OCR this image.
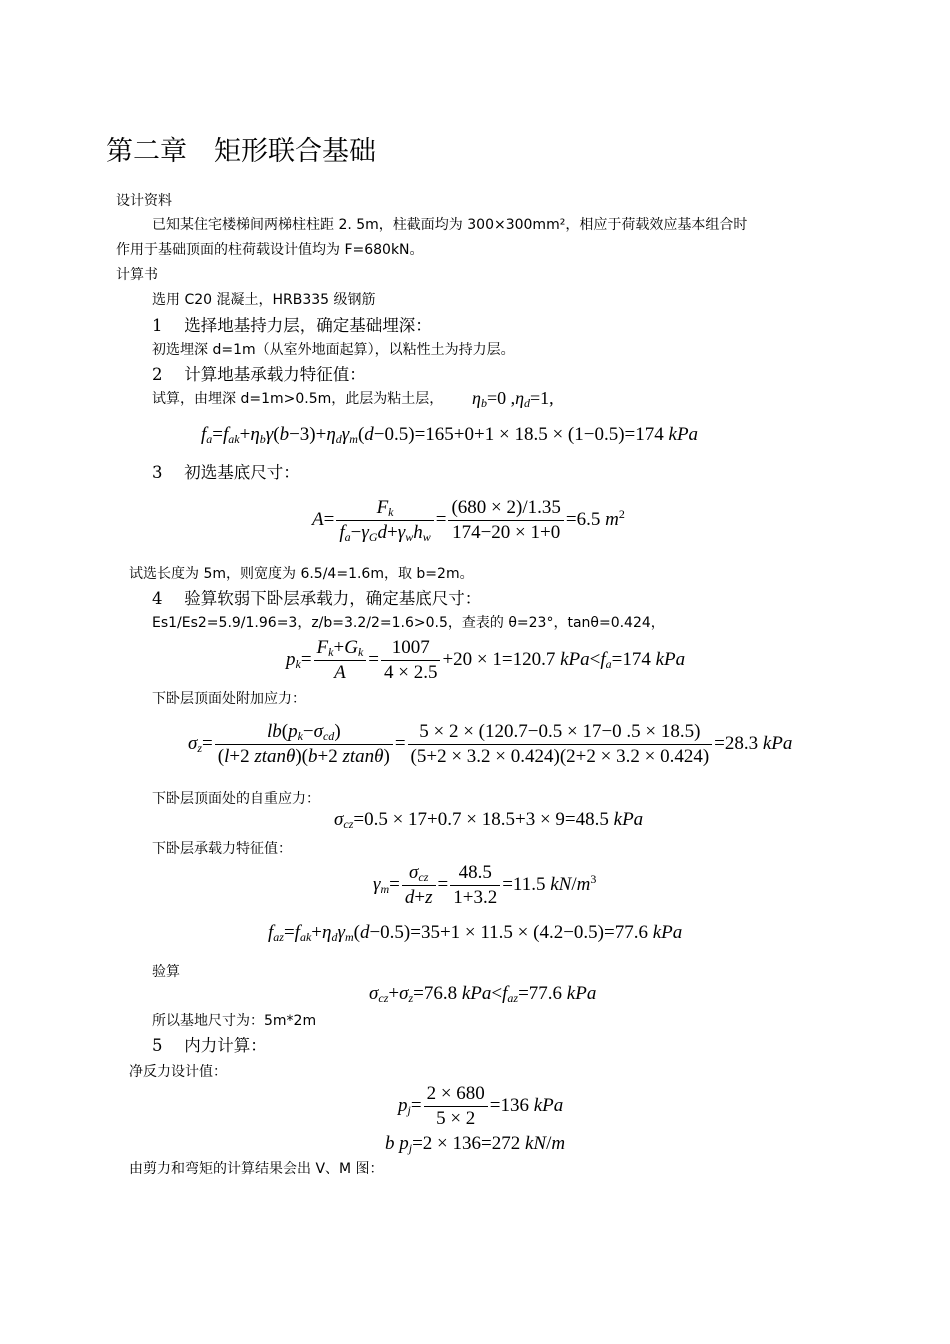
第二章　矩形联合基础
设计资料
已知某住宅楼梯间两梯柱柱距 2. 5m，柱截面均为 300×300mm²，相应于荷载效应基本组合时
作用于基础顶面的柱荷载设计值均为 F=680kN。
计算书
选用 C20 混凝土，HRB335 级钢筋
1　 选择地基持力层，确定基础埋深：
初选埋深 d=1m（从室外地面起算），以粘性土为持力层。
2　 计算地基承载力特征值：
试算，由埋深 d=1m>0.5m，此层为粘土层， $\eta_b=0$ $,\eta_d=1$,
$f_a=f_{ak}+\eta_b\gamma(b-3)+\eta_d\gamma_m(d-0.5)=165+0+1 \times 18.5 \times (1-0.5)=174$ kPa
3　 初选基底尺寸：
$A= \frac{F_k}{f_a-\gamma_Gd+\gamma_wh_w} = \frac{(680 \times 2)/1.35}{174-20 \times 1+0} =6.5$ $m^2$
试选长度为 5m，则宽度为 6.5/4=1.6m，取 b=2m。
4　 验算软弱下卧层承载力，确定基底尺寸：
Es1/Es2=5.9/1.96=3，z/b=3.2/2=1.6>0.5，查表的 θ=23°，tanθ=0.424，
$p_k= \frac{F_k+G_k}{A} = \frac{1007}{4 \times 2.5} +20 \times 1=120.7$ $kPa<f_a=174$ kPa
下卧层顶面处附加应力：
$\sigma_z= \frac{lb(p_k-\sigma_{cd})}{(l+2 ztan\theta)(b+2 ztan\theta)} = \frac{5 \times 2 \times (120.7-0.5 \times 17-0 .5 \times 18.5)}{(5+2 \times 3.2 \times 0.424)(2+2 \times 3.2 \times 0.424)} =28.3$ kPa
下卧层顶面处的自重应力：
$\sigma_{cz}=0.5 \times 17+0.7 \times 18.5+3 \times 9=48.5$ kPa
下卧层承载力特征值：
$\gamma_m= \frac{\sigma_{cz}}{d+z} = \frac{48.5}{1+3.2} =11.5$ $kN/m^3$
$f_{az}=f_{ak}+\eta_d\gamma_m(d-0.5)=35+1 \times 11.5 \times (4.2-0.5)=77.6$ kPa
验算
$\sigma_{cz}+\sigma_z=76.8$ $kPa<f_{az}=77.6$ kPa
所以基地尺寸为：5m*2m
5　 内力计算：
净反力设计值：
$p_j= \frac{2 \times 680}{5 \times 2} =136$ kPa
b $p_j=2 \times 136=272$ kN/m
由剪力和弯矩的计算结果会出 V、M 图：
